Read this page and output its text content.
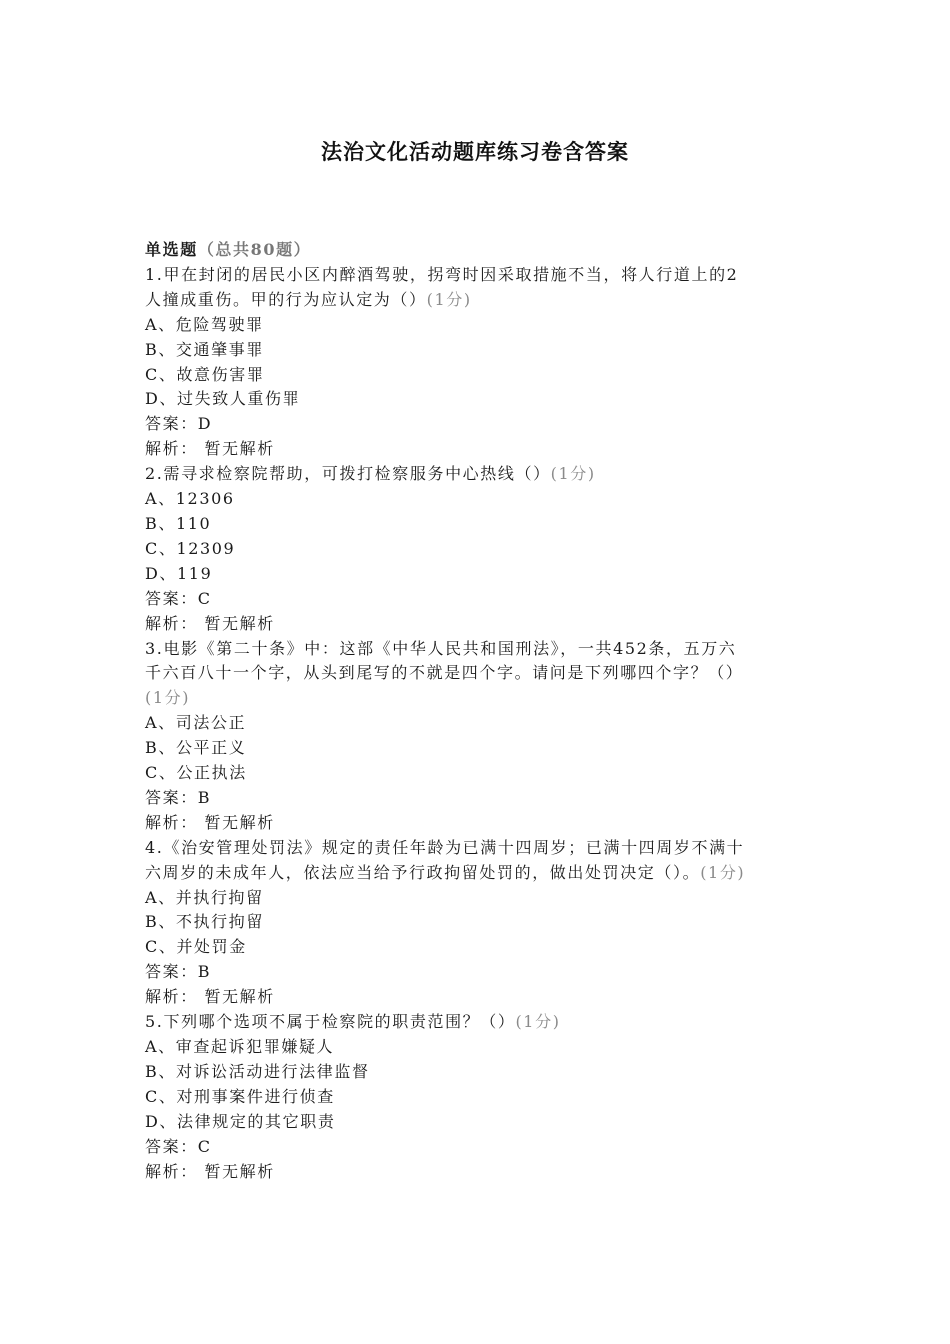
法治文化活动题库练习卷含答案
单选题（总共80题）
1.甲在封闭的居民小区内醉酒驾驶，拐弯时因采取措施不当，将人行道上的2
人撞成重伤。甲的行为应认定为（）(1分)
A、危险驾驶罪
B、交通肇事罪
C、故意伤害罪
D、过失致人重伤罪
答案：D
解析： 暂无解析
2.需寻求检察院帮助，可拨打检察服务中心热线（）(1分)
A、12306
B、110
C、12309
D、119
答案：C
解析： 暂无解析
3.电影《第二十条》中：这部《中华人民共和国刑法》，一共452条，五万六
千六百八十一个字，从头到尾写的不就是四个字。请问是下列哪四个字？（）
(1分)
A、司法公正
B、公平正义
C、公正执法
答案：B
解析： 暂无解析
4.《治安管理处罚法》规定的责任年龄为已满十四周岁；已满十四周岁不满十
六周岁的未成年人，依法应当给予行政拘留处罚的，做出处罚决定（）。(1分)
A、并执行拘留
B、不执行拘留
C、并处罚金
答案：B
解析： 暂无解析
5.下列哪个选项不属于检察院的职责范围？（）(1分)
A、审查起诉犯罪嫌疑人
B、对诉讼活动进行法律监督
C、对刑事案件进行侦查
D、法律规定的其它职责
答案：C
解析： 暂无解析
